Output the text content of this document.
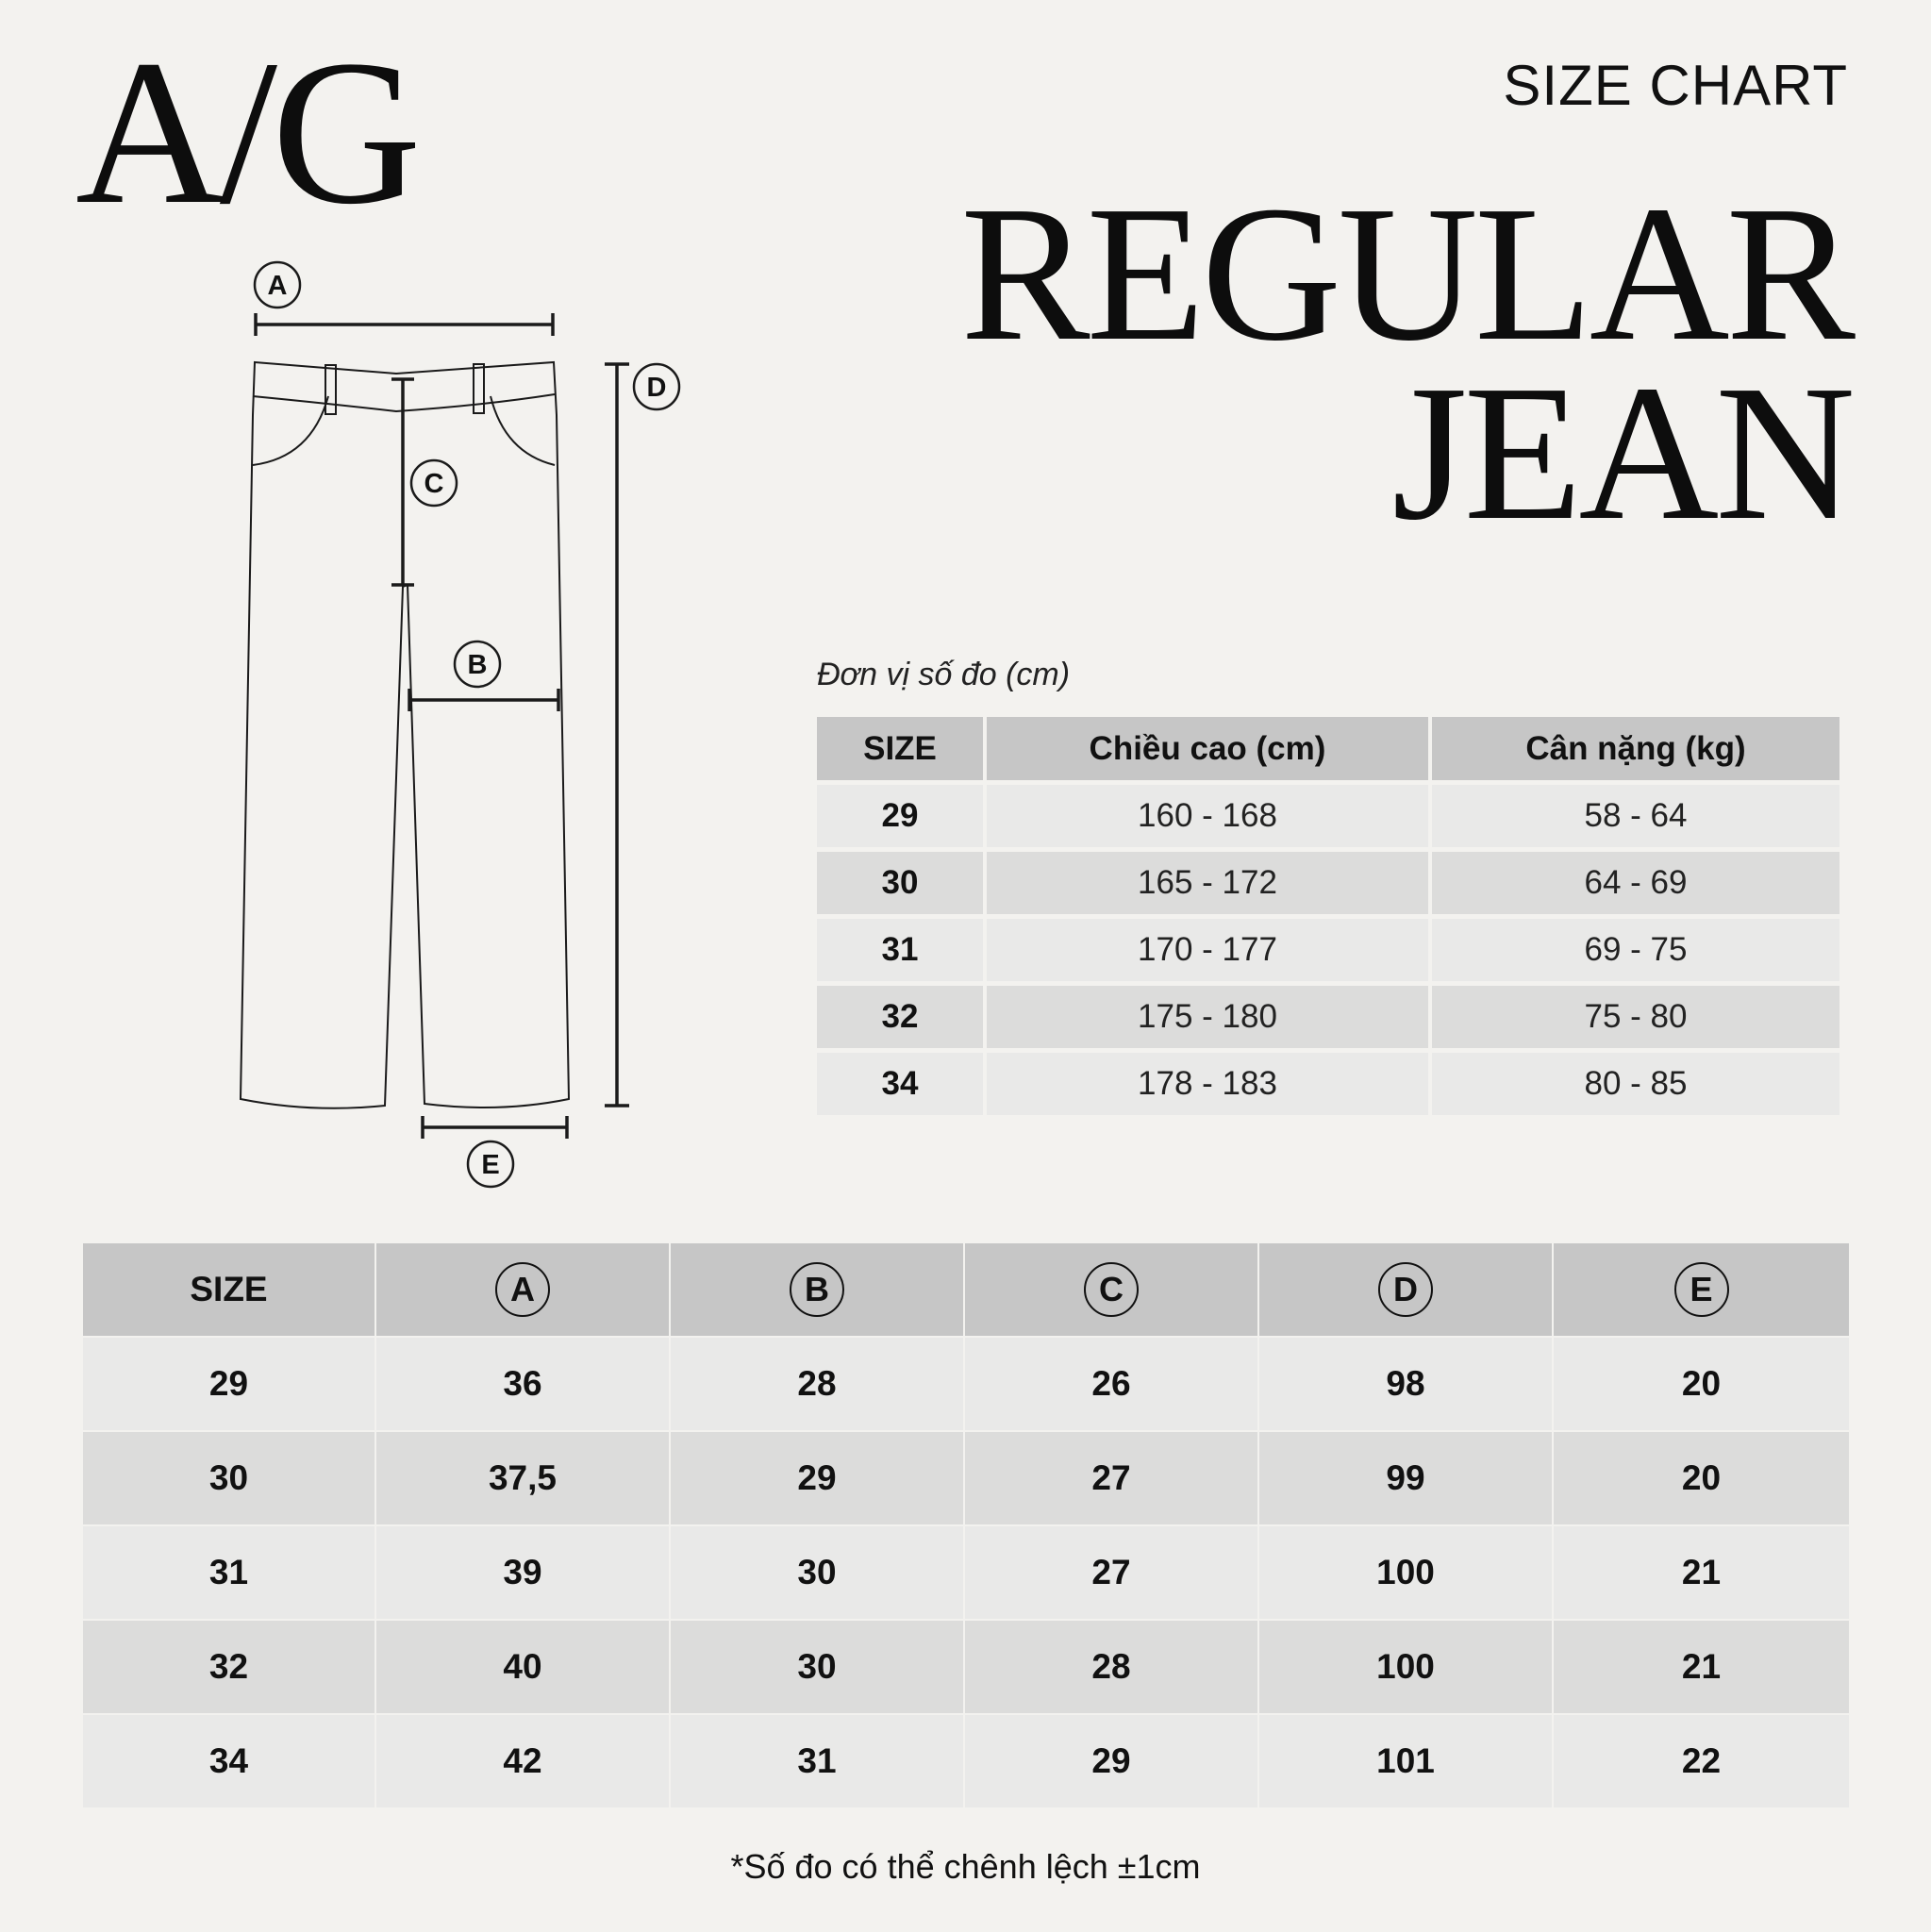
A/G	SIZE CHART
REGULAR
JEAN
A
C
B
D
E
Đơn vị số đo (cm)
SIZE	Chiều cao (cm)	Cân nặng (kg)
29	160 - 168	58 - 64
30	165 - 172	64 - 69
31	170 - 177	69 - 75
32	175 - 180	75 - 80
34	178 - 183	80 - 85
SIZE	A	B	C	D	E
29	36	28	26	98	20
30	37,5	29	27	99	20
31	39	30	27	100	21
32	40	30	28	100	21
34	42	31	29	101	22
*Số đo có thể chênh lệch ±1cm
